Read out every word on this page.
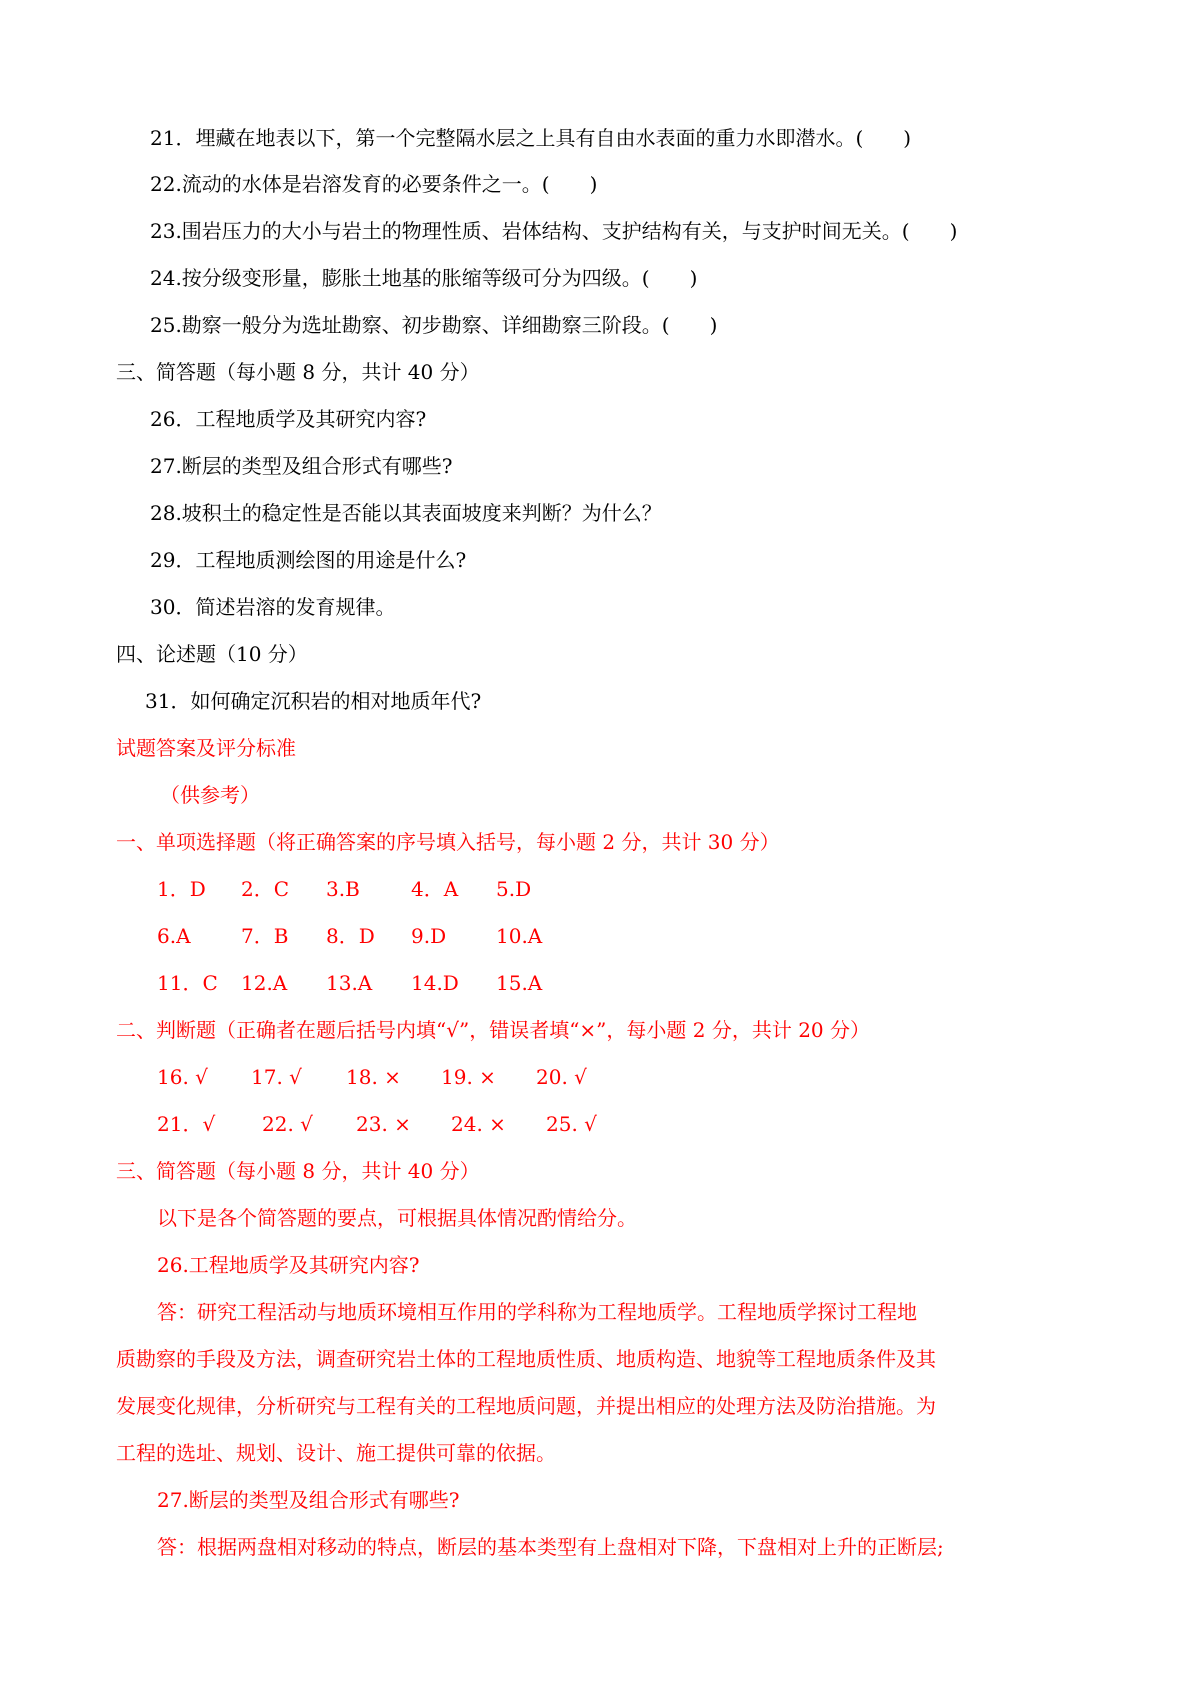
21．埋藏在地表以下，第一个完整隔水层之上具有自由水表面的重力水即潜水。(　　)
22.流动的水体是岩溶发育的必要条件之一。(　　)
23.围岩压力的大小与岩土的物理性质、岩体结构、支护结构有关，与支护时间无关。(　　)
24.按分级变形量，膨胀土地基的胀缩等级可分为四级。(　　)
25.勘察一般分为选址勘察、初步勘察、详细勘察三阶段。(　　)
三、简答题（每小题 8 分，共计 40 分）
26．工程地质学及其研究内容?
27.断层的类型及组合形式有哪些?
28.坡积土的稳定性是否能以其表面坡度来判断？为什么？
29．工程地质测绘图的用途是什么?
30．简述岩溶的发育规律。
四、论述题（10 分）
31．如何确定沉积岩的相对地质年代?
试题答案及评分标准
（供参考）
一、单项选择题（将正确答案的序号填入括号，每小题 2 分，共计 30 分）
1．D 2．C 3.B	4．A 5.D
6.A	7．B 8．D 9.D 10.A
11．C 12.A 13.A 14.D 15.A
二、判断题（正确者在题后括号内填“√”，错误者填“×”，每小题 2 分，共计 20 分）
16. √ 17. √ 18. × 19. × 20. √
21．√ 22. √ 23. × 24. × 25. √
三、简答题（每小题 8 分，共计 40 分）
以下是各个简答题的要点，可根据具体情况酌情给分。
26.工程地质学及其研究内容?
答：研究工程活动与地质环境相互作用的学科称为工程地质学。工程地质学探讨工程地
质勘察的手段及方法，调查研究岩土体的工程地质性质、地质构造、地貌等工程地质条件及其
发展变化规律，分析研究与工程有关的工程地质问题，并提出相应的处理方法及防治措施。为
工程的选址、规划、设计、施工提供可靠的依据。
27.断层的类型及组合形式有哪些?
答：根据两盘相对移动的特点，断层的基本类型有上盘相对下降，下盘相对上升的正断层;
